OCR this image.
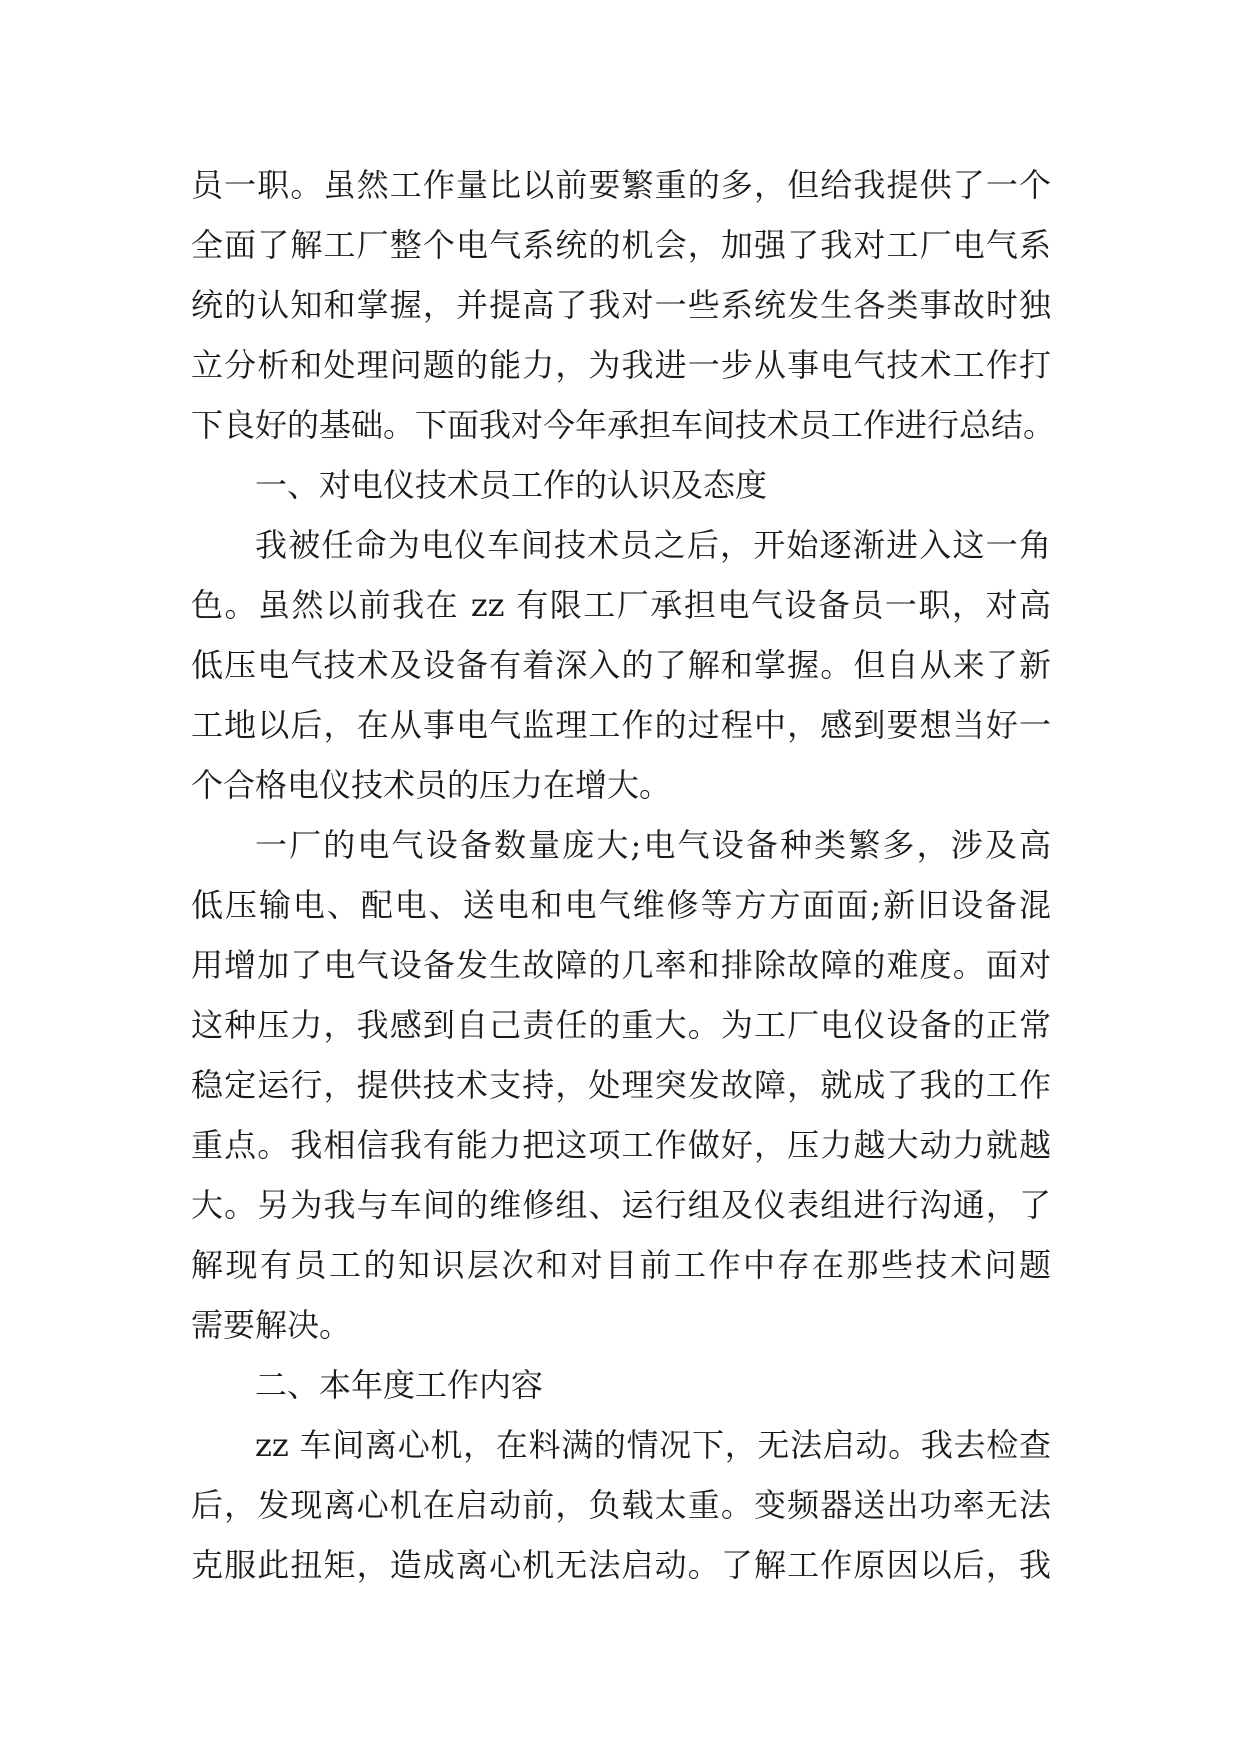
员一职。虽然工作量比以前要繁重的多，但给我提供了一个
全面了解工厂整个电气系统的机会，加强了我对工厂电气系
统的认知和掌握，并提高了我对一些系统发生各类事故时独
立分析和处理问题的能力，为我进一步从事电气技术工作打
下良好的基础。下面我对今年承担车间技术员工作进行总结。
一、对电仪技术员工作的认识及态度
我被任命为电仪车间技术员之后，开始逐渐进入这一角
色。虽然以前我在 zz 有限工厂承担电气设备员一职，对高
低压电气技术及设备有着深入的了解和掌握。但自从来了新
工地以后，在从事电气监理工作的过程中，感到要想当好一
个合格电仪技术员的压力在增大。
一厂的电气设备数量庞大;电气设备种类繁多，涉及高
低压输电、配电、送电和电气维修等方方面面;新旧设备混
用增加了电气设备发生故障的几率和排除故障的难度。面对
这种压力，我感到自己责任的重大。为工厂电仪设备的正常
稳定运行，提供技术支持，处理突发故障，就成了我的工作
重点。我相信我有能力把这项工作做好，压力越大动力就越
大。另为我与车间的维修组、运行组及仪表组进行沟通，了
解现有员工的知识层次和对目前工作中存在那些技术问题
需要解决。
二、本年度工作内容
zz 车间离心机，在料满的情况下，无法启动。我去检查
后，发现离心机在启动前，负载太重。变频器送出功率无法
克服此扭矩，造成离心机无法启动。了解工作原因以后，我
